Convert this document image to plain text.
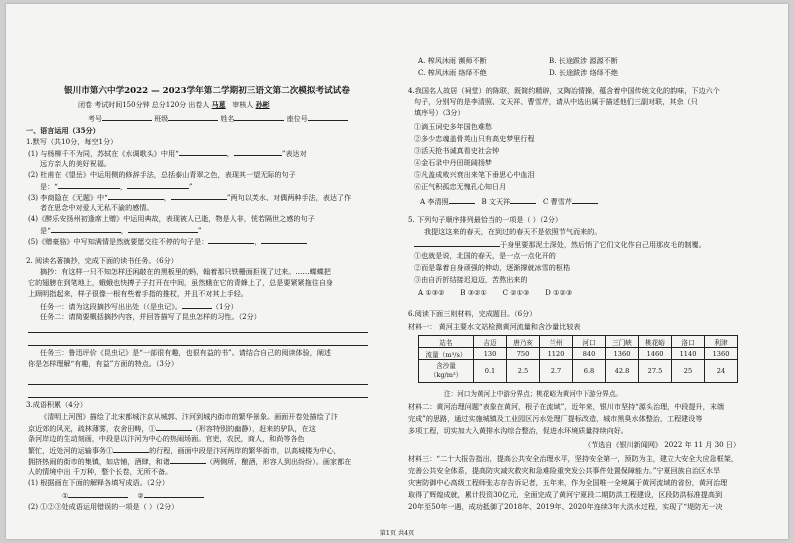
银川市第六中学2022 — 2023学年第二学期初三语文第二次模拟考试试卷
闭卷 考试时间150分钟 总分120分 出卷人 马葸 审核人 孙彬
考号	班级	姓名	座位号
一、语言运用（35分）
1.默写（共10分，每空1分）
(1) 与杨柳千不为同，苏轼在《水调歌头》中用“	，	”表达对
远方亲人的美好祝福。
(2) 杜甫在《望岳》中运用侧的修辞手法，总括泰山青翠之色，表现其一望无际的句子
是：“	，	”
(3) 李商隐在《无题》中“	，	”两句以芙水、对偶两种手法，表达了作
者在思念中对爱人无私不渝的感情。
(4)《醉乐安扬州初逢席上赠》中运用典故，表现被人已逝，物是人非，恍若隔世之感的句子
是“	，	”
(5)《赠豪骆》中写知满情是然就要愿交往不停的句子是：	，
2. 阅读名著摘抄，完成下面的读书任务。（6分）
摘抄：有这样一只不知怎样还闲敲在的黑板里的蚂，翰着那只铁栅面拒视了过来。……蝶蝶把
它的翅膀在到笔地上，蛾蛾也快搏子子打开在中间，虽然蛾在它的青蜂上了，总是要紧紧拖住自身
上顾明指起来，样子很像一根有些着手指的推杖，并且不对其上手轻。
任务一：请为这段摘抄写出出处（（是虫记》。	（1分）
任务二：请简要概括摘抄内容，并回答描写了昆虫怎样的习性。（2分）
任务三：鲁迅评价《昆虫记》是“一部很有趣，也很有益的书”。请结合自己的阅读体验，阐述
你是怎样理解“有趣，有益”方面的特点。（3分）
3.成语积累（4分）
《清明上河图》描绘了北宋都城汴京从城郭、汴河到城内街市的繁华景象。画面开卷处描绘了汴
京近郊的风光，疏林薄雾，农舍田畴，①	（形容特别的幽静），赶来的驴队，在这
条河岸边的生动刻画，中段是以汴河为中心的热闹场面。官吏，农民，商人，和尚等各色
繁忙，近处河的运输事务①	的行程，画面中段是汴河两岸的繁华街市，以高城楼为中心，
拥挤热闹的街市的集镇，如店铺，酒肆，和诸	（两侧所，酿酒，形容人到出纷纷）。画家都在
人的情境中出 千万种，整个长卷，无所不备。
(1) 根据画在下面的解释各填写成语。（2分）
①	②
(2) ①②③处成语运用错误的一项是（ ）（2分）
A. 榨风沐雨 濒师不断	B. 长途跋涉 源源不断
C. 榨风沐雨 络绎不绝	D. 长途跋涉 络绎不绝
4.我国名人故居（祠堂）的陈联，既简约精辟，又陶冶情操，蕴含着中国传统文化的韵味，下边六个
句子，分别写的是李清照、文天祥、曹雪芹，请从中选出属于描述他们三副对联，其余（只
填序号）（3分）
①滴玉词史多年国色难愁
②多少忠魂盖骨英山只有高史梦里行程
③活天抢书诚真看史社会钟
④金石录中丹田斑阔扬梦
⑤凡盖成败兴衰出来笔下垂思心中血泪
⑥正气积孤忠无愧孔心知日月
A 李清照	B 文天祥	C 曹雪芹
5. 下列句子顺序排列最恰当的一项是（ ）（2分）
我提这这来的春天，在到过的春天不是依照节气而来的。
于身里要那泥土深处，然后悄了它们文化作自己用那皮毛的制覆。
①也就是说，北国的春天，是一点一点化开的
②而是靠着自身顽强的伸动，逐渐撑就冰雪的枢梏
③由自沂折结接迟迫迈，苦熬出来的
A ①③② B ③②① C ②①③ D ①②③
6.阅读下面三则材料，完成题目。（6分）
材料一： 黄河主要水文站检测黄河流量和含沙量比较表
站名	吉迈	唐乃亥	兰州	河口	三门峡	桃花峪	洛口	利津
流量（m³/s）	130	750	1120	840	1360	1460	1140	1360
含沙量
（kg/m³）	0.1	2.5	2.7	6.8	42.8	27.5	25	24
注：河口为黄河上中游分界点；桃花峪为黄河中下游分界点。
材料二：黄河治理问题“表象在黄河，根子在流域”，近年来，银川市坚持“源头治理，中段提升，末端
完成”的思路，通过实施城镇及工业园区污水处理厂提标改造，城市黑臭水体整治，工程建设等
多项工程，切实加大入黄排水沟综合整治，促进水环境质量持续向好。
（节选自《银川新闻网》 2022 年 11 月 30 日）
材料三：“二十大报告指出，提高公共安全治理水平，坚持安全第一，预防为主，建立大安全大应急框架，
完善公共安全体系，提高防灾减灾救灾和急难险重突发公共事件处置保障能力。”宁夏回族自治区水旱
灾害防御中心高级工程师张志存告诉记者，五年来，作为全国唯一全境属于黄河流域的省份，黄河治理
取得了辉煌成就，累计投资30亿元，全面完成了黄河宁夏段二期防洪工程建设，区段防洪标准提高到
20年至50年一遇，成功抵御了2018年、2019年、2020年连续3年大洪水过程，实现了“堤防无一决
第1页 共4页
